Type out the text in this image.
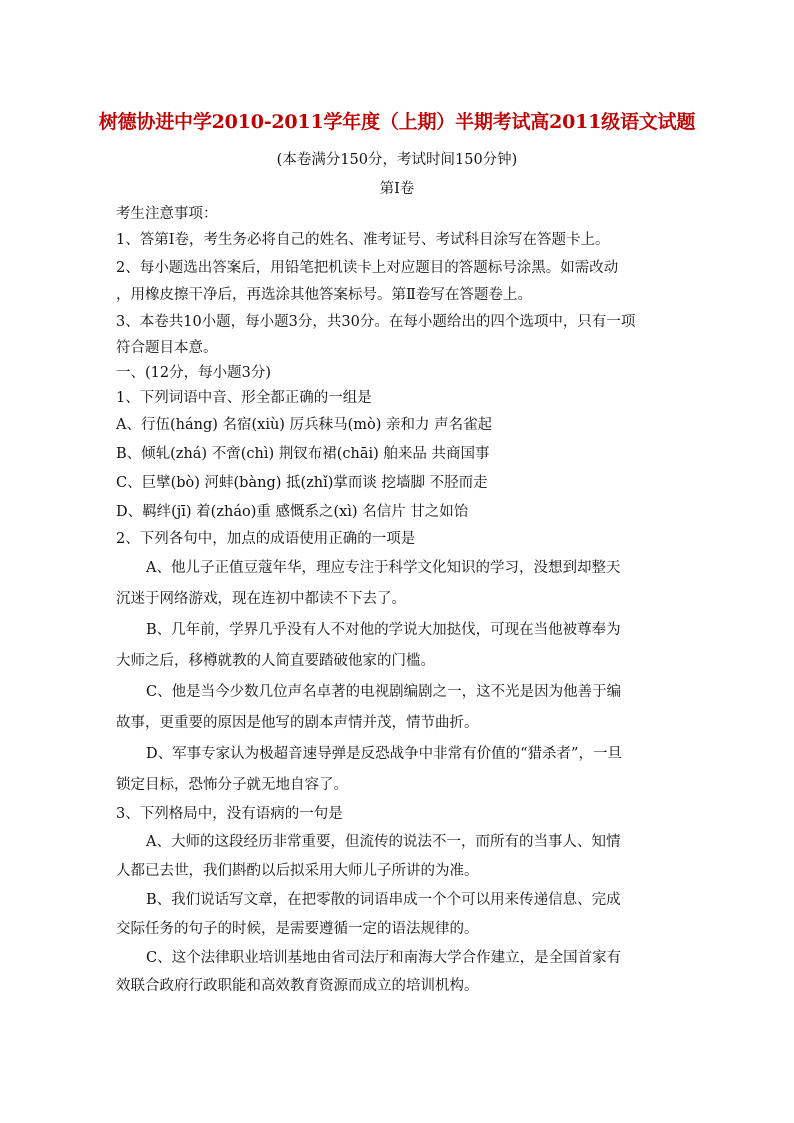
树德协进中学2010-2011学年度（上期）半期考试高2011级语文试题
(本卷满分150分，考试时间150分钟)
第Ⅰ卷
考生注意事项：
1、答第Ⅰ卷，考生务必将自己的姓名、准考证号、考试科目涂写在答题卡上。
2、每小题选出答案后，用铅笔把机读卡上对应题目的答题标号涂黑。如需改动
，用橡皮擦干净后，再选涂其他答案标号。第Ⅱ卷写在答题卷上。
3、本卷共10小题，每小题3分，共30分。在每小题给出的四个选项中，只有一项
符合题目本意。
一、(12分，每小题3分)
1、下列词语中音、形全都正确的一组是
A、行伍(háng) 名宿(xiù) 厉兵秣马(mò) 亲和力 声名雀起
B、倾轧(zhá) 不啻(chì) 荆钗布裙(chāi) 舶来品 共商国事
C、巨擘(bò) 河蚌(bàng) 抵(zhǐ)掌而谈 挖墙脚 不胫而走
D、羁绊(jī) 着(zháo)重 感慨系之(xì) 名信片 甘之如饴
2、下列各句中，加点的成语使用正确的一项是
A、他儿子正值豆蔻年华，理应专注于科学文化知识的学习，没想到却整天
沉迷于网络游戏，现在连初中都读不下去了。
B、几年前，学界几乎没有人不对他的学说大加挞伐，可现在当他被尊奉为
大师之后，移樽就教的人简直要踏破他家的门槛。
C、他是当今少数几位声名卓著的电视剧编剧之一，这不光是因为他善于编
故事，更重要的原因是他写的剧本声情并茂，情节曲折。
D、军事专家认为极超音速导弹是反恐战争中非常有价值的“猎杀者”，一旦
锁定目标，恐怖分子就无地自容了。
3、下列格局中，没有语病的一句是
A、大师的这段经历非常重要，但流传的说法不一，而所有的当事人、知情
人都已去世，我们斟酌以后拟采用大师儿子所讲的为准。
B、我们说话写文章，在把零散的词语串成一个个可以用来传递信息、完成
交际任务的句子的时候，是需要遵循一定的语法规律的。
C、这个法律职业培训基地由省司法厅和南海大学合作建立，是全国首家有
效联合政府行政职能和高效教育资源而成立的培训机构。
